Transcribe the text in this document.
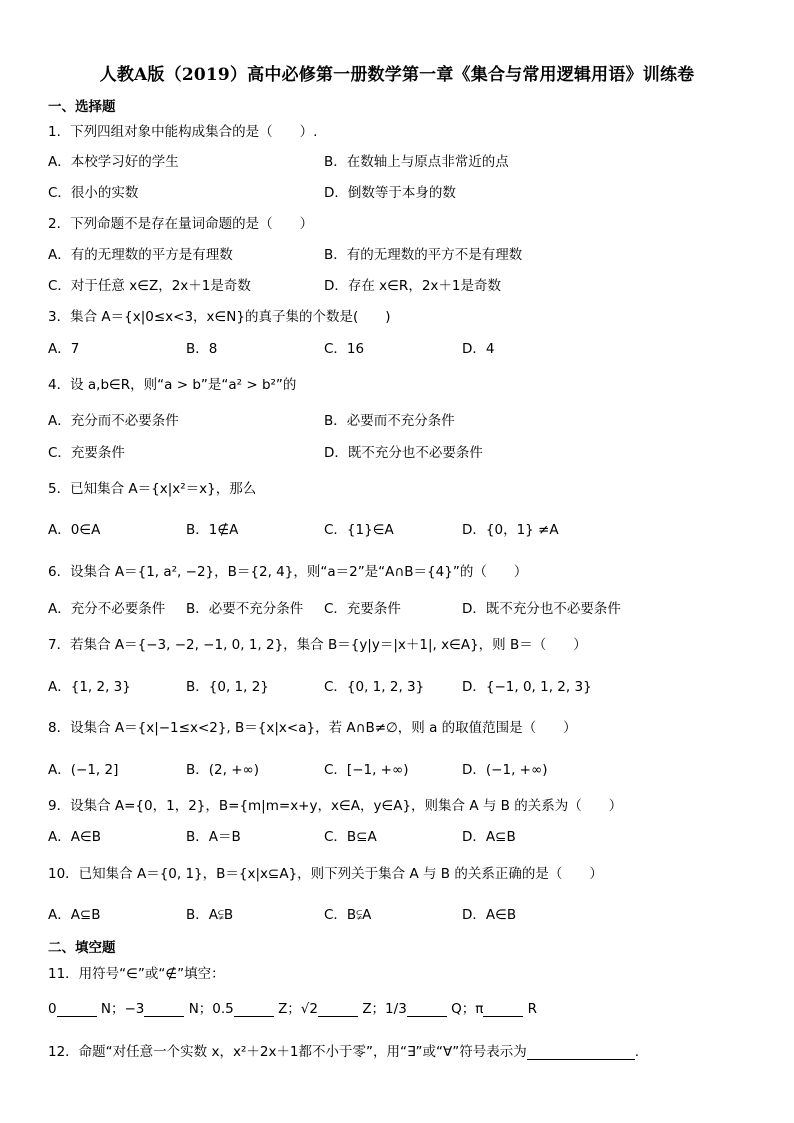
人教A版（2019）高中必修第一册数学第一章《集合与常用逻辑用语》训练卷
一、选择题
1．下列四组对象中能构成集合的是（　　）.
A．本校学习好的学生	B．在数轴上与原点非常近的点
C．很小的实数	D．倒数等于本身的数
2．下列命题不是存在量词命题的是（　　）
A．有的无理数的平方是有理数	B．有的无理数的平方不是有理数
C．对于任意 x∈Z，2x＋1是奇数	D．存在 x∈R，2x＋1是奇数
3．集合 A＝{x|0≤x<3，x∈N}的真子集的个数是(　　)
A．7	B．8	C．16	D．4
4．设 a,b∈R，则“a > b”是“a² > b²”的
A．充分而不必要条件	B．必要而不充分条件
C．充要条件	D．既不充分也不必要条件
5．已知集合 A＝{x|x²＝x}，那么
A．0∈A	B．1∉A	C．{1}∈A	D．{0，1} ≠A
6．设集合 A＝{1, a², −2}，B＝{2, 4}，则“a＝2”是“A∩B＝{4}”的（　　）
A．充分不必要条件 B．必要不充分条件 C．充要条件	D．既不充分也不必要条件
7．若集合 A＝{−3, −2, −1, 0, 1, 2}，集合 B＝{y|y＝|x＋1|, x∈A}，则 B＝（　　）
A．{1, 2, 3}	B．{0, 1, 2}	C．{0, 1, 2, 3}	D．{−1, 0, 1, 2, 3}
8．设集合 A＝{x|−1≤x<2}, B＝{x|x<a}，若 A∩B≠∅，则 a 的取值范围是（　　）
A．(−1, 2]	B．(2, +∞)	C．[−1, +∞)	D．(−1, +∞)
9．设集合 A={0，1，2}，B={m|m=x+y，x∈A，y∈A}，则集合 A 与 B 的关系为（　　）
A．A∈B	B．A＝B	C．B⊆A	D．A⊆B
10．已知集合 A＝{0, 1}，B＝{x|x⊆A}，则下列关于集合 A 与 B 的关系正确的是（　　）
A．A⊆B	B．A⫋B	C．B⫋A	D．A∈B
二、填空题
11．用符号“∈”或“∉”填空：
0	N；−3	N；0.5	Z；√2	Z；1/3	Q；π	R
12．命题“对任意一个实数 x，x²＋2x＋1都不小于零”，用“∃”或“∀”符号表示为	.
